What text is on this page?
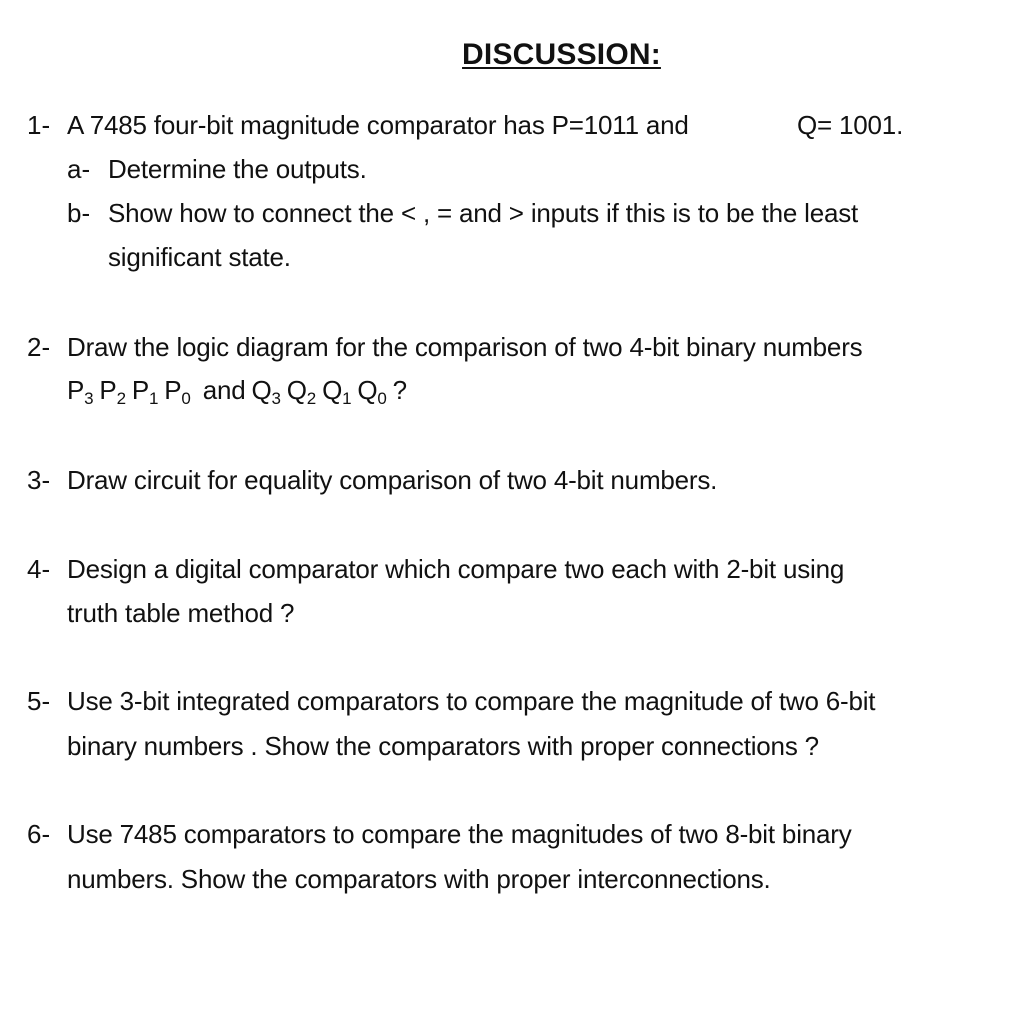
DISCUSSION:
1- A 7485 four-bit magnitude comparator has P=1011 and	Q= 1001.
a- Determine the outputs.
b- Show how to connect the < , = and > inputs if this is to be the least
significant state.
2- Draw the logic diagram for the comparison of two 4-bit binary numbers
$P_3$ $P_2$ $P_1$ $P_0$ and $Q_3$ $Q_2$ $Q_1$ $Q_0$ ?
3- Draw circuit for equality comparison of two 4-bit numbers.
4- Design a digital comparator which compare two each with 2-bit using
truth table method ?
5- Use 3-bit integrated comparators to compare the magnitude of two 6-bit
binary numbers . Show the comparators with proper connections ?
6- Use 7485 comparators to compare the magnitudes of two 8-bit binary
numbers. Show the comparators with proper interconnections.
